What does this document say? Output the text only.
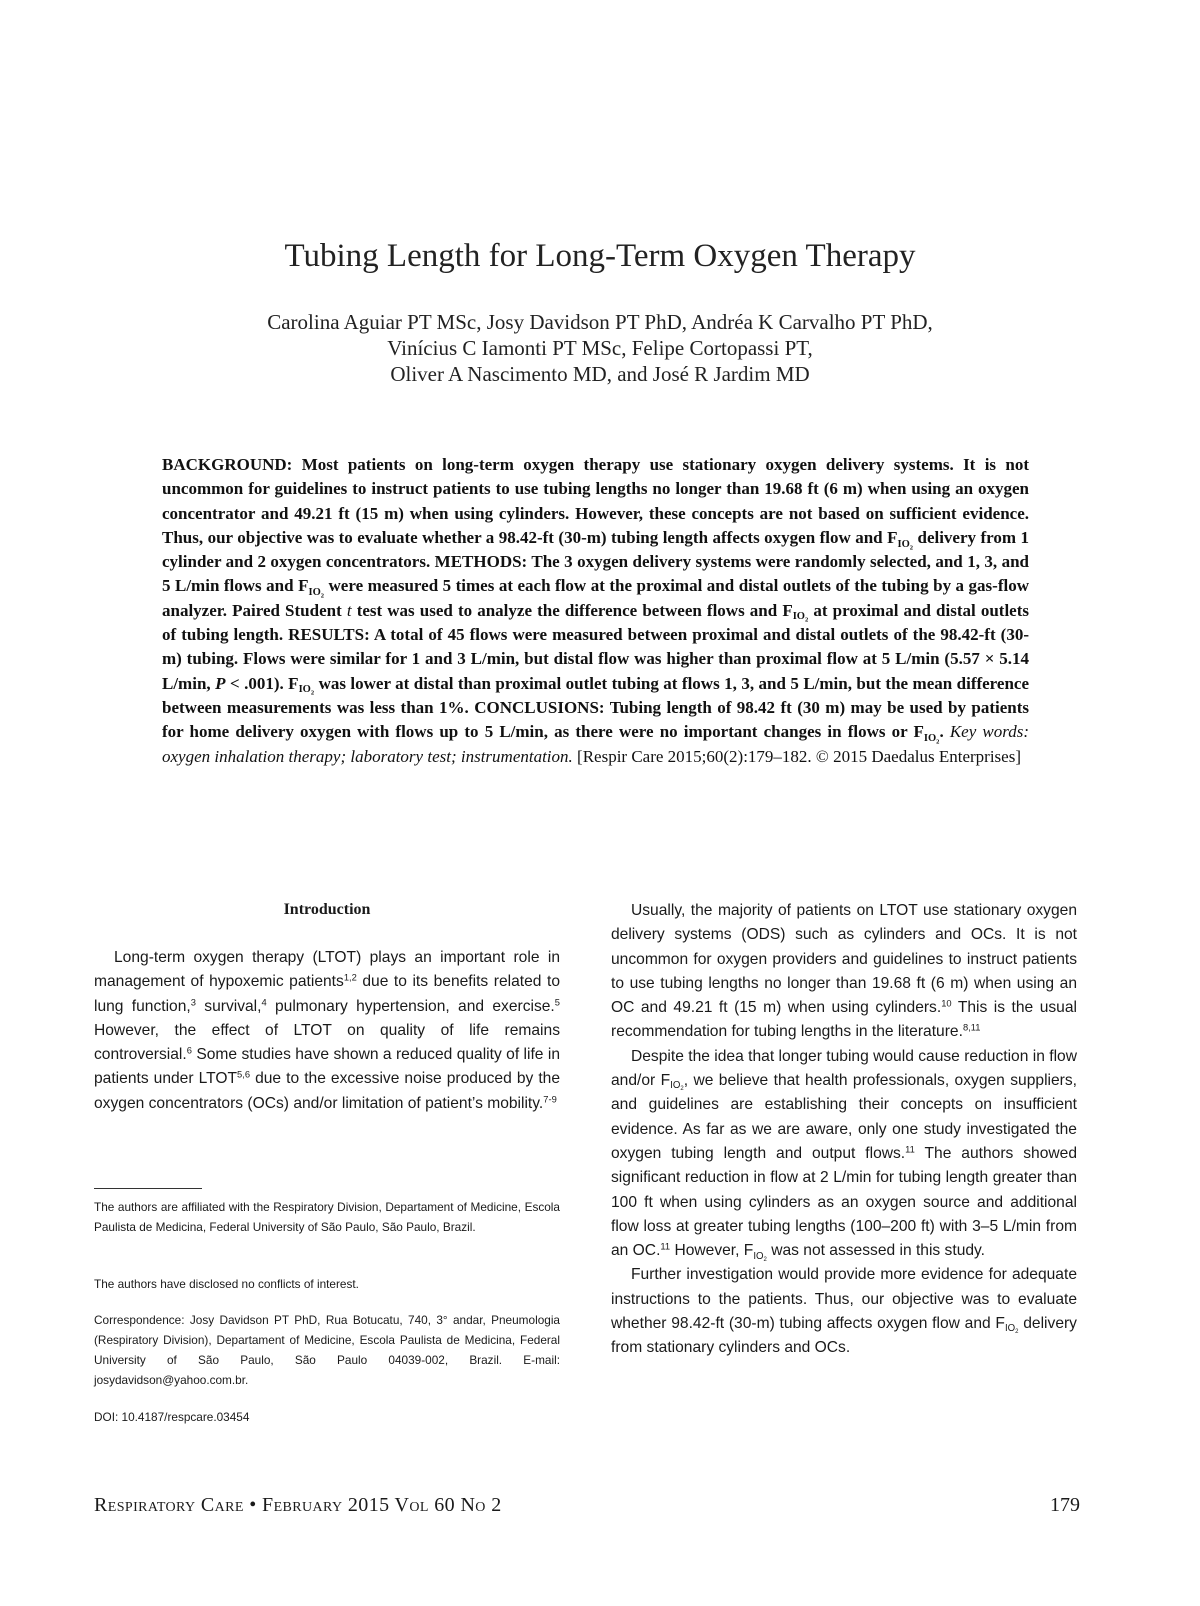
Tubing Length for Long-Term Oxygen Therapy
Carolina Aguiar PT MSc, Josy Davidson PT PhD, Andréa K Carvalho PT PhD,
Vinícius C Iamonti PT MSc, Felipe Cortopassi PT,
Oliver A Nascimento MD, and José R Jardim MD
BACKGROUND: Most patients on long-term oxygen therapy use stationary oxygen delivery systems. It is not uncommon for guidelines to instruct patients to use tubing lengths no longer than 19.68 ft (6 m) when using an oxygen concentrator and 49.21 ft (15 m) when using cylinders. However, these concepts are not based on sufficient evidence. Thus, our objective was to evaluate whether a 98.42-ft (30-m) tubing length affects oxygen flow and $F_{IO_2}$ delivery from 1 cylinder and 2 oxygen concentrators. METHODS: The 3 oxygen delivery systems were randomly selected, and 1, 3, and 5 L/min flows and $F_{IO_2}$ were measured 5 times at each flow at the proximal and distal outlets of the tubing by a gas-flow analyzer. Paired Student t test was used to analyze the difference between flows and $F_{IO_2}$ at proximal and distal outlets of tubing length. RESULTS: A total of 45 flows were measured between proximal and distal outlets of the 98.42-ft (30-m) tubing. Flows were similar for 1 and 3 L/min, but distal flow was higher than proximal flow at 5 L/min (5.57 × 5.14 L/min, P < .001). $F_{IO_2}$ was lower at distal than proximal outlet tubing at flows 1, 3, and 5 L/min, but the mean difference between measurements was less than 1%. CONCLUSIONS: Tubing length of 98.42 ft (30 m) may be used by patients for home delivery oxygen with flows up to 5 L/min, as there were no important changes in flows or $F_{IO_2}$. Key words: oxygen inhalation therapy; laboratory test; instrumentation. [Respir Care 2015;60(2):179–182. © 2015 Daedalus Enterprises]
Introduction

Long-term oxygen therapy (LTOT) plays an important role in management of hypoxemic patients$^{1,2}$ due to its benefits related to lung function,$^3$ survival,$^4$ pulmonary hypertension, and exercise.$^5$ However, the effect of LTOT on quality of life remains controversial.$^6$ Some studies have shown a reduced quality of life in patients under LTOT$^{5,6}$ due to the excessive noise produced by the oxygen concentrators (OCs) and/or limitation of patient’s mobility.$^{7-9}$

The authors are affiliated with the Respiratory Division, Departament of Medicine, Escola Paulista de Medicina, Federal University of São Paulo, São Paulo, Brazil.

The authors have disclosed no conflicts of interest.

Correspondence: Josy Davidson PT PhD, Rua Botucatu, 740, 3° andar, Pneumologia (Respiratory Division), Departament of Medicine, Escola Paulista de Medicina, Federal University of São Paulo, São Paulo 04039-002, Brazil. E-mail: josydavidson@yahoo.com.br.

DOI: 10.4187/respcare.03454

Usually, the majority of patients on LTOT use stationary oxygen delivery systems (ODS) such as cylinders and OCs. It is not uncommon for oxygen providers and guidelines to instruct patients to use tubing lengths no longer than 19.68 ft (6 m) when using an OC and 49.21 ft (15 m) when using cylinders.$^{10}$ This is the usual recommendation for tubing lengths in the literature.$^{8,11}$

Despite the idea that longer tubing would cause reduction in flow and/or $F_{IO_2}$, we believe that health professionals, oxygen suppliers, and guidelines are establishing their concepts on insufficient evidence. As far as we are aware, only one study investigated the oxygen tubing length and output flows.$^{11}$ The authors showed significant reduction in flow at 2 L/min for tubing length greater than 100 ft when using cylinders as an oxygen source and additional flow loss at greater tubing lengths (100–200 ft) with 3–5 L/min from an OC.$^{11}$ However, $F_{IO_2}$ was not assessed in this study.

Further investigation would provide more evidence for adequate instructions to the patients. Thus, our objective was to evaluate whether 98.42-ft (30-m) tubing affects oxygen flow and $F_{IO_2}$ delivery from stationary cylinders and OCs.

Respiratory Care • February 2015 Vol 60 No 2	179
